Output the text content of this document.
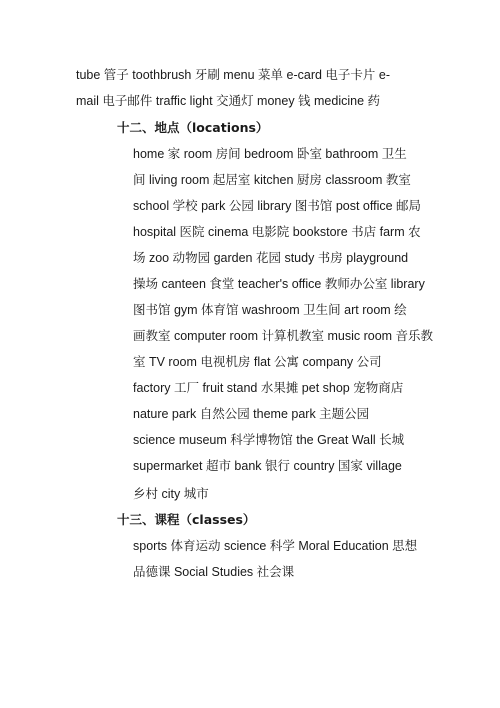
tube 管子 toothbrush 牙刷 menu 菜单 e-card 电子卡片 e-
mail 电子邮件 traffic light 交通灯 money 钱 medicine 药
十二、地点（locations）
home 家 room 房间 bedroom 卧室 bathroom 卫生
间 living room 起居室 kitchen 厨房 classroom 教室
school 学校 park 公园 library 图书馆 post office 邮局
hospital 医院 cinema 电影院 bookstore 书店 farm 农
场 zoo 动物园 garden 花园 study 书房 playground
操场 canteen 食堂 teacher's office 教师办公室 library
图书馆 gym 体育馆 washroom 卫生间 art room 绘
画教室 computer room 计算机教室 music room 音乐教
室 TV room 电视机房 flat 公寓 company 公司
factory 工厂 fruit stand 水果摊 pet shop 宠物商店
nature park 自然公园 theme park 主题公园
science museum 科学博物馆 the Great Wall 长城
supermarket 超市 bank 银行 country 国家 village
乡村 city 城市
十三、课程（classes）
sports 体育运动 science 科学 Moral Education 思想
品德课 Social Studies 社会课
